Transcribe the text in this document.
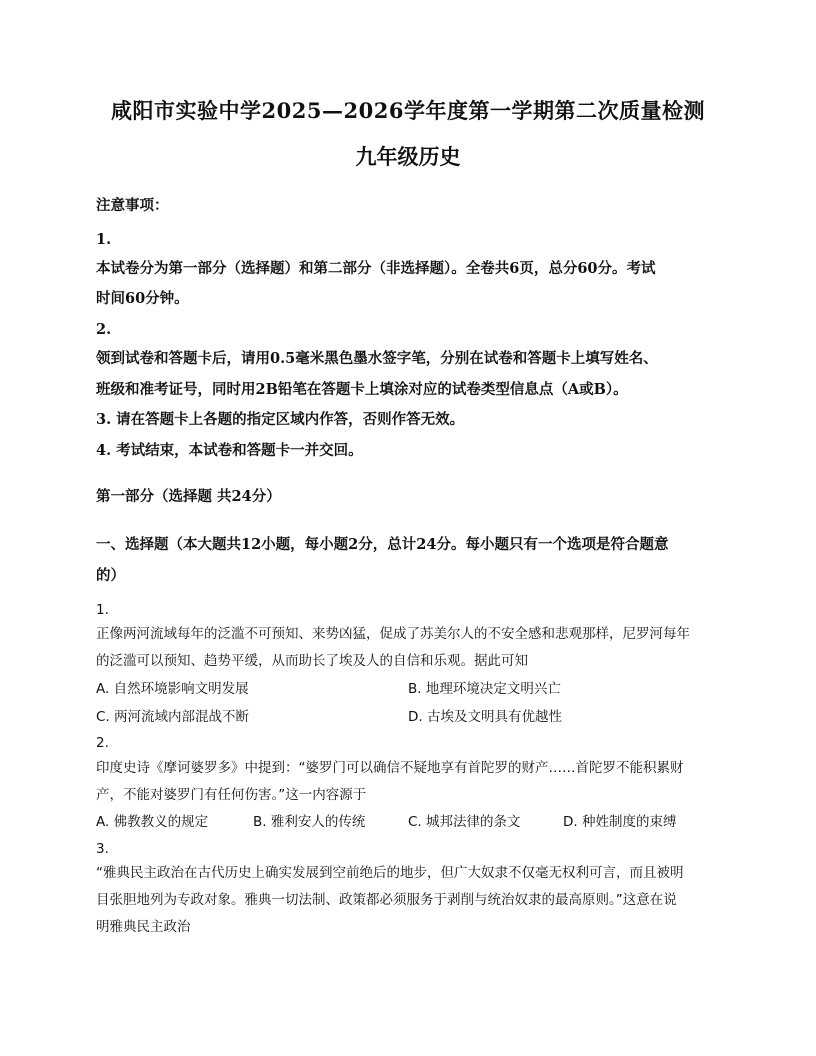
咸阳市实验中学2025—2026学年度第一学期第二次质量检测
九年级历史
注意事项：
1.
本试卷分为第一部分（选择题）和第二部分（非选择题）。全卷共6页，总分60分。考试
时间60分钟。
2.
领到试卷和答题卡后，请用0.5毫米黑色墨水签字笔，分别在试卷和答题卡上填写姓名、
班级和准考证号，同时用2B铅笔在答题卡上填涂对应的试卷类型信息点（A或B）。
3. 请在答题卡上各题的指定区域内作答，否则作答无效。
4. 考试结束，本试卷和答题卡一并交回。
第一部分（选择题 共24分）
一、选择题（本大题共12小题，每小题2分，总计24分。每小题只有一个选项是符合题意
的）
1.
正像两河流域每年的泛滥不可预知、来势凶猛，促成了苏美尔人的不安全感和悲观那样，尼罗河每年
的泛滥可以预知、趋势平缓，从而助长了埃及人的自信和乐观。据此可知
A. 自然环境影响文明发展	B. 地理环境决定文明兴亡
C. 两河流域内部混战不断	D. 古埃及文明具有优越性
2.
印度史诗《摩诃婆罗多》中提到：“婆罗门可以确信不疑地享有首陀罗的财产……首陀罗不能积累财
产，不能对婆罗门有任何伤害。”这一内容源于
A. 佛教教义的规定	B. 雅利安人的传统	C. 城邦法律的条文	D. 种姓制度的束缚
3.
“雅典民主政治在古代历史上确实发展到空前绝后的地步，但广大奴隶不仅毫无权利可言，而且被明
目张胆地列为专政对象。雅典一切法制、政策都必须服务于剥削与统治奴隶的最高原则。”这意在说
明雅典民主政治
